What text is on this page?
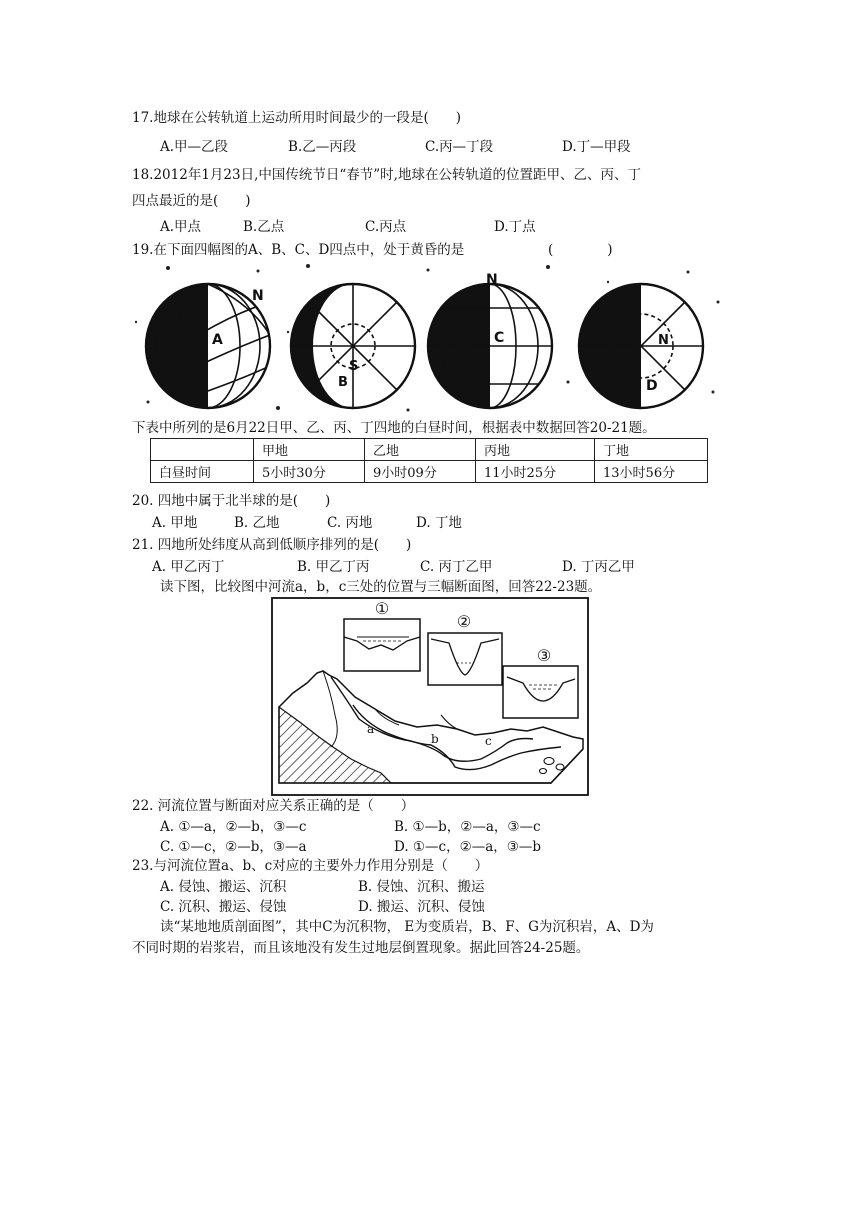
17.地球在公转轨道上运动所用时间最少的一段是(　　)
A.甲—乙段	B.乙—丙段	C.丙—丁段	D.丁—甲段
18.2012年1月23日,中国传统节日“春节”时,地球在公转轨道的位置距甲、乙、丙、丁
四点最近的是(　　)
A.甲点	B.乙点	C.丙点	D.丁点
19.在下面四幅图的A、B、C、D四点中，处于黄昏的是	(　　　　)
N
A
S
B
N
C	N
D
下表中所列的是6月22日甲、乙、丙、丁四地的白昼时间，根据表中数据回答20-21题。
	甲地	乙地	丙地	丁地
白昼时间	5小时30分	9小时09分	11小时25分	13小时56分
20. 四地中属于北半球的是(　　)
A. 甲地	B. 乙地	C. 丙地	D. 丁地
21. 四地所处纬度从高到低顺序排列的是(　　)
A. 甲乙丙丁	B. 甲乙丁丙	C. 丙丁乙甲	D. 丁丙乙甲
读下图，比较图中河流a，b，c三处的位置与三幅断面图，回答22-23题。
①
②
③
a
b	c
22. 河流位置与断面对应关系正确的是（　　）
A. ①—a，②—b，③—c	B. ①—b，②—a，③—c
C. ①—c，②—b，③—a	D. ①—c，②—a，③—b
23.与河流位置a、b、c对应的主要外力作用分别是（　　）
A. 侵蚀、搬运、沉积	B. 侵蚀、沉积、搬运
C. 沉积、搬运、侵蚀	D. 搬运、沉积、侵蚀
读“某地地质剖面图”，其中C为沉积物， E为变质岩，B、F、G为沉积岩，A、D为
不同时期的岩浆岩，而且该地没有发生过地层倒置现象。据此回答24-25题。
